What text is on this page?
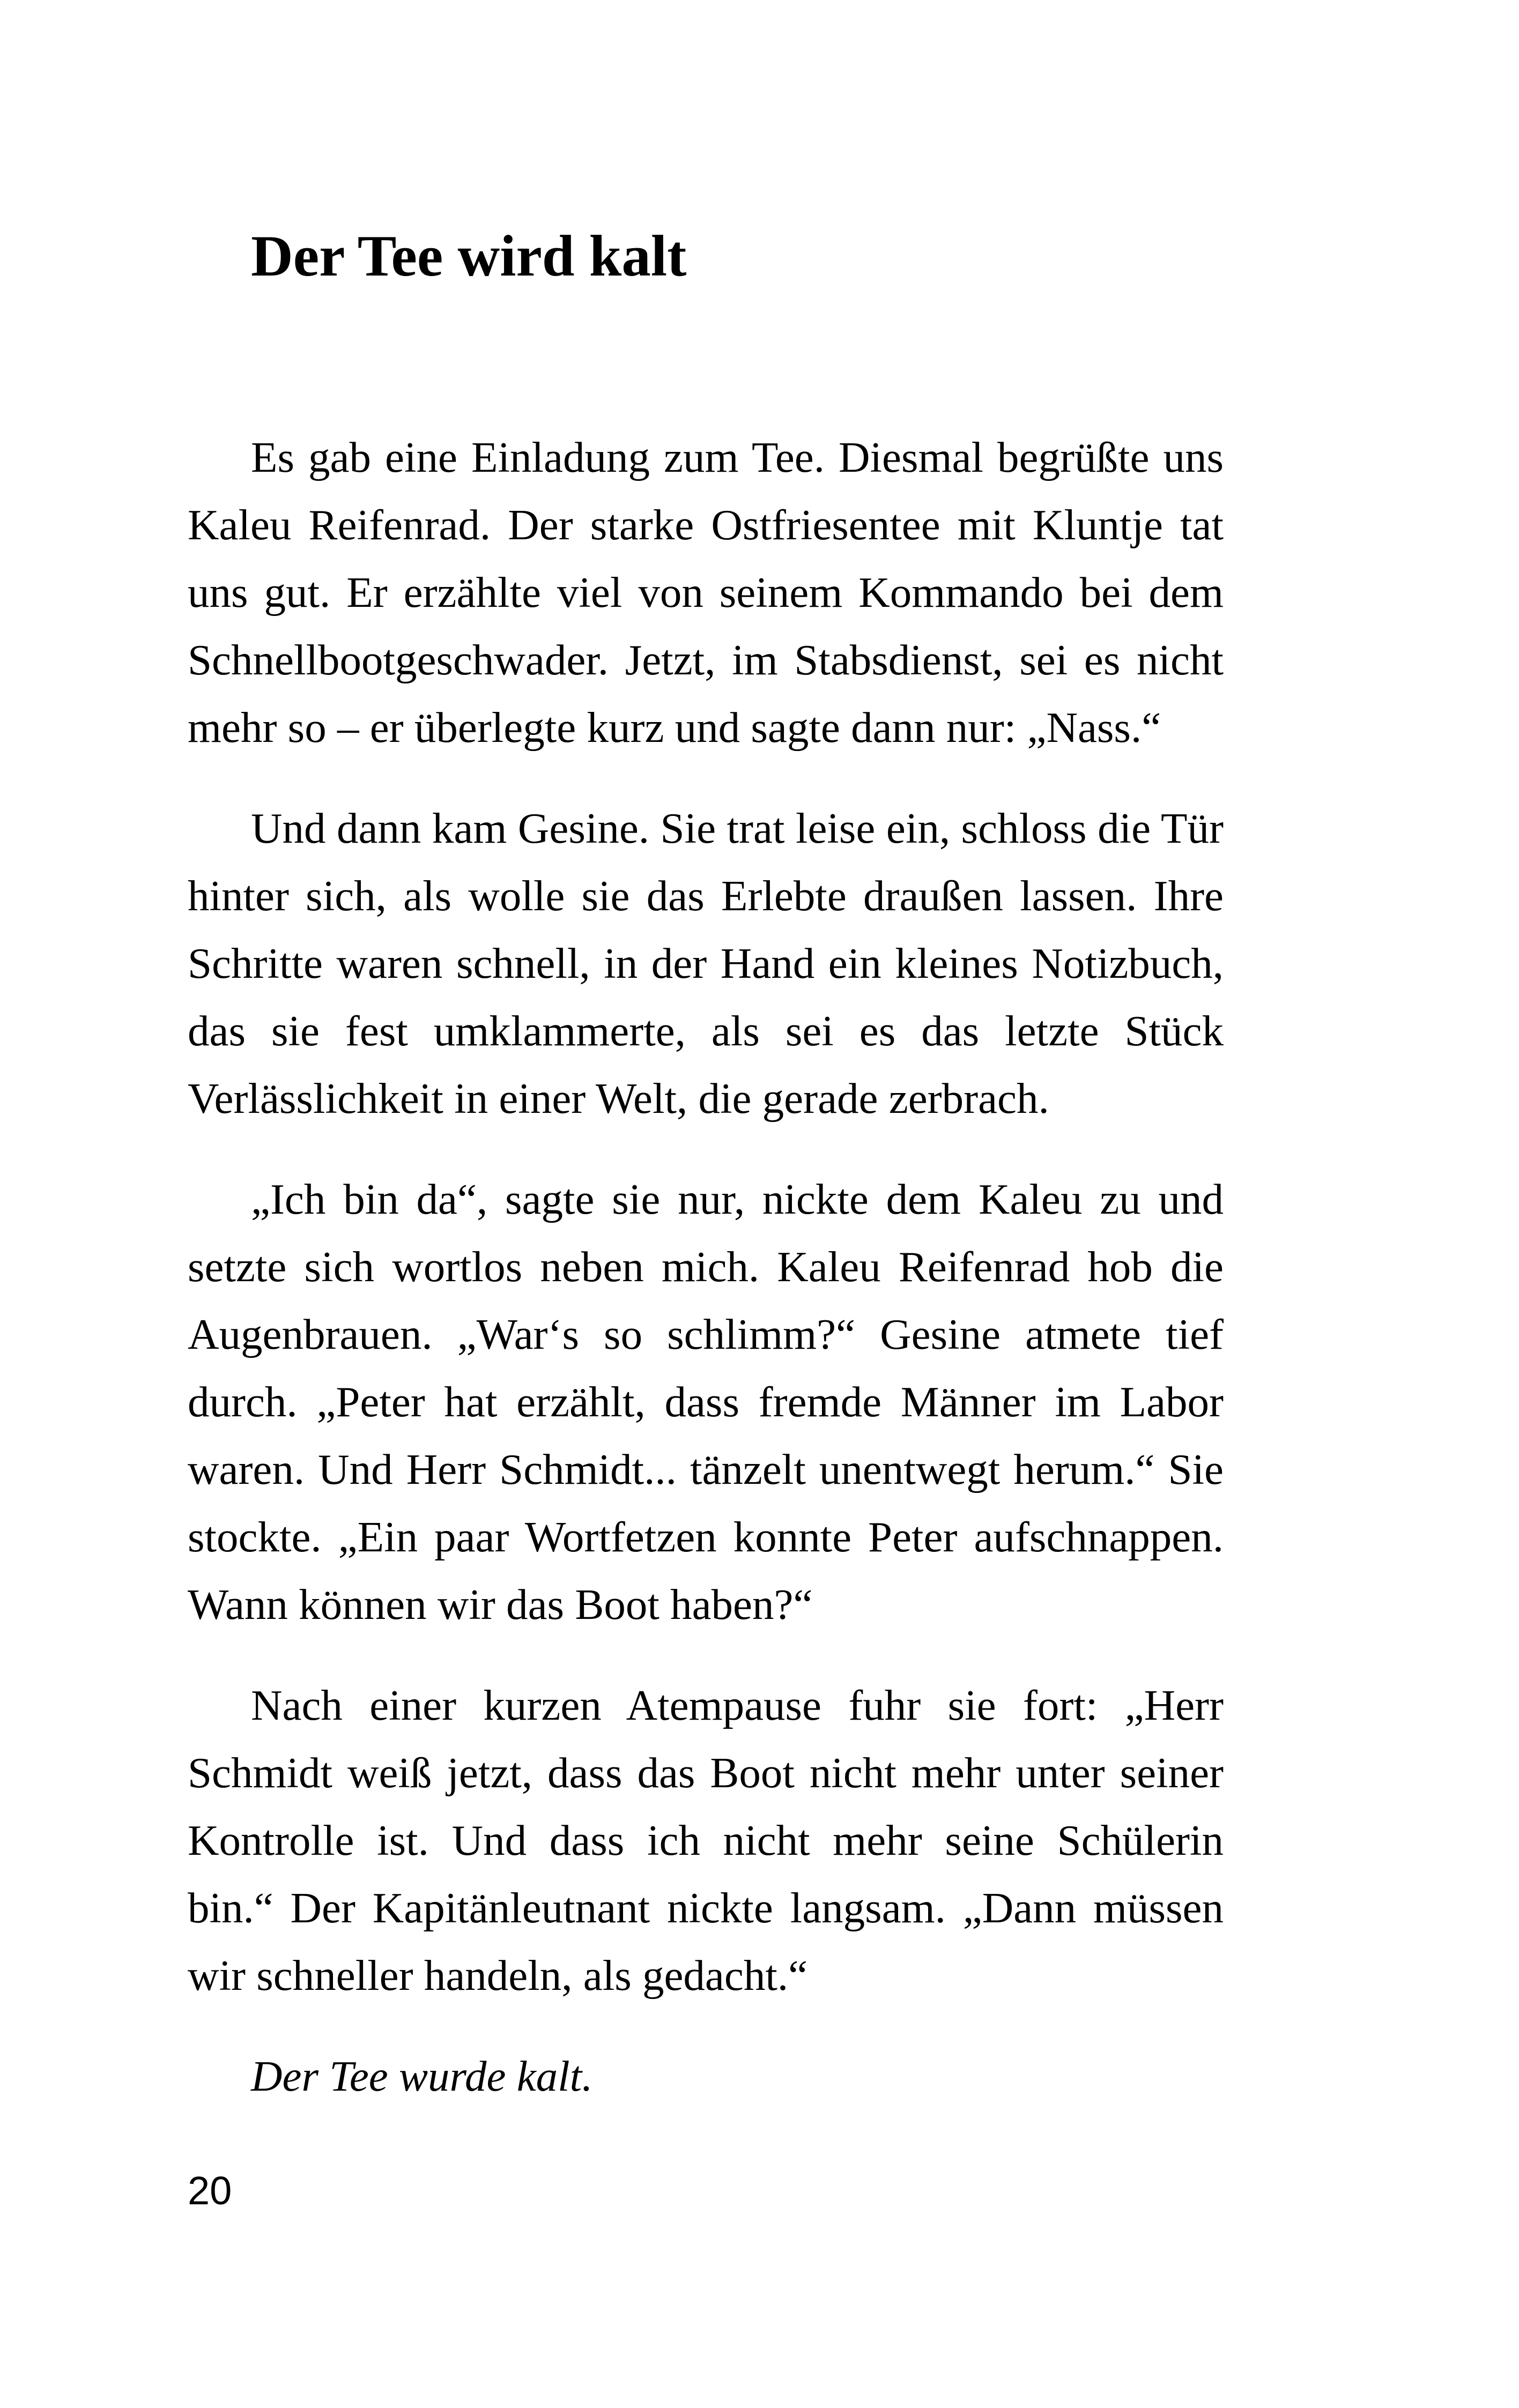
Der Tee wird kalt

Es gab eine Einladung zum Tee. Diesmal begrüßte uns Kaleu Reifenrad. Der starke Ostfriesentee mit Kluntje tat uns gut. Er erzählte viel von seinem Kommando bei dem Schnellbootgeschwader. Jetzt, im Stabsdienst, sei es nicht mehr so – er überlegte kurz und sagte dann nur: „Nass.“

Und dann kam Gesine. Sie trat leise ein, schloss die Tür hinter sich, als wolle sie das Erlebte draußen lassen. Ihre Schritte waren schnell, in der Hand ein kleines Notizbuch, das sie fest umklammerte, als sei es das letzte Stück Verlässlichkeit in einer Welt, die gerade zerbrach.

„Ich bin da“, sagte sie nur, nickte dem Kaleu zu und setzte sich wortlos neben mich. Kaleu Reifenrad hob die Augenbrauen. „War‘s so schlimm?“ Gesine atmete tief durch. „Peter hat erzählt, dass fremde Männer im Labor waren. Und Herr Schmidt... tänzelt unentwegt herum.“ Sie stockte. „Ein paar Wortfetzen konnte Peter aufschnappen. Wann können wir das Boot haben?“

Nach einer kurzen Atempause fuhr sie fort: „Herr Schmidt weiß jetzt, dass das Boot nicht mehr unter seiner Kontrolle ist. Und dass ich nicht mehr seine Schülerin bin.“ Der Kapitänleutnant nickte langsam. „Dann müssen wir schneller handeln, als gedacht.“

Der Tee wurde kalt.

20
